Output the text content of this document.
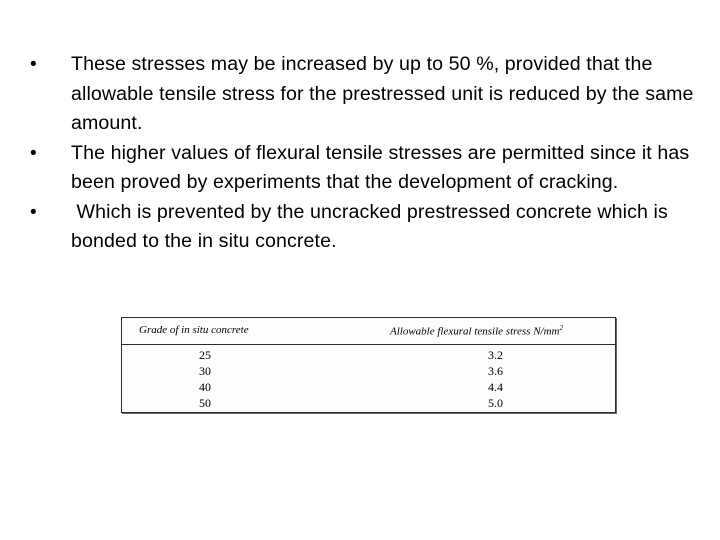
•	These stresses may be increased by up to 50 %, provided that the allowable tensile stress for the prestressed unit is reduced by the same amount.
•	The higher values of flexural tensile stresses are permitted since it has been proved by experiments that the development of cracking.
•	Which is prevented by the uncracked prestressed concrete which is bonded to the in situ concrete.
Grade of in situ concrete	Allowable flexural tensile stress $N/mm^2$
25	3.2
30	3.6
40	4.4
50	5.0
